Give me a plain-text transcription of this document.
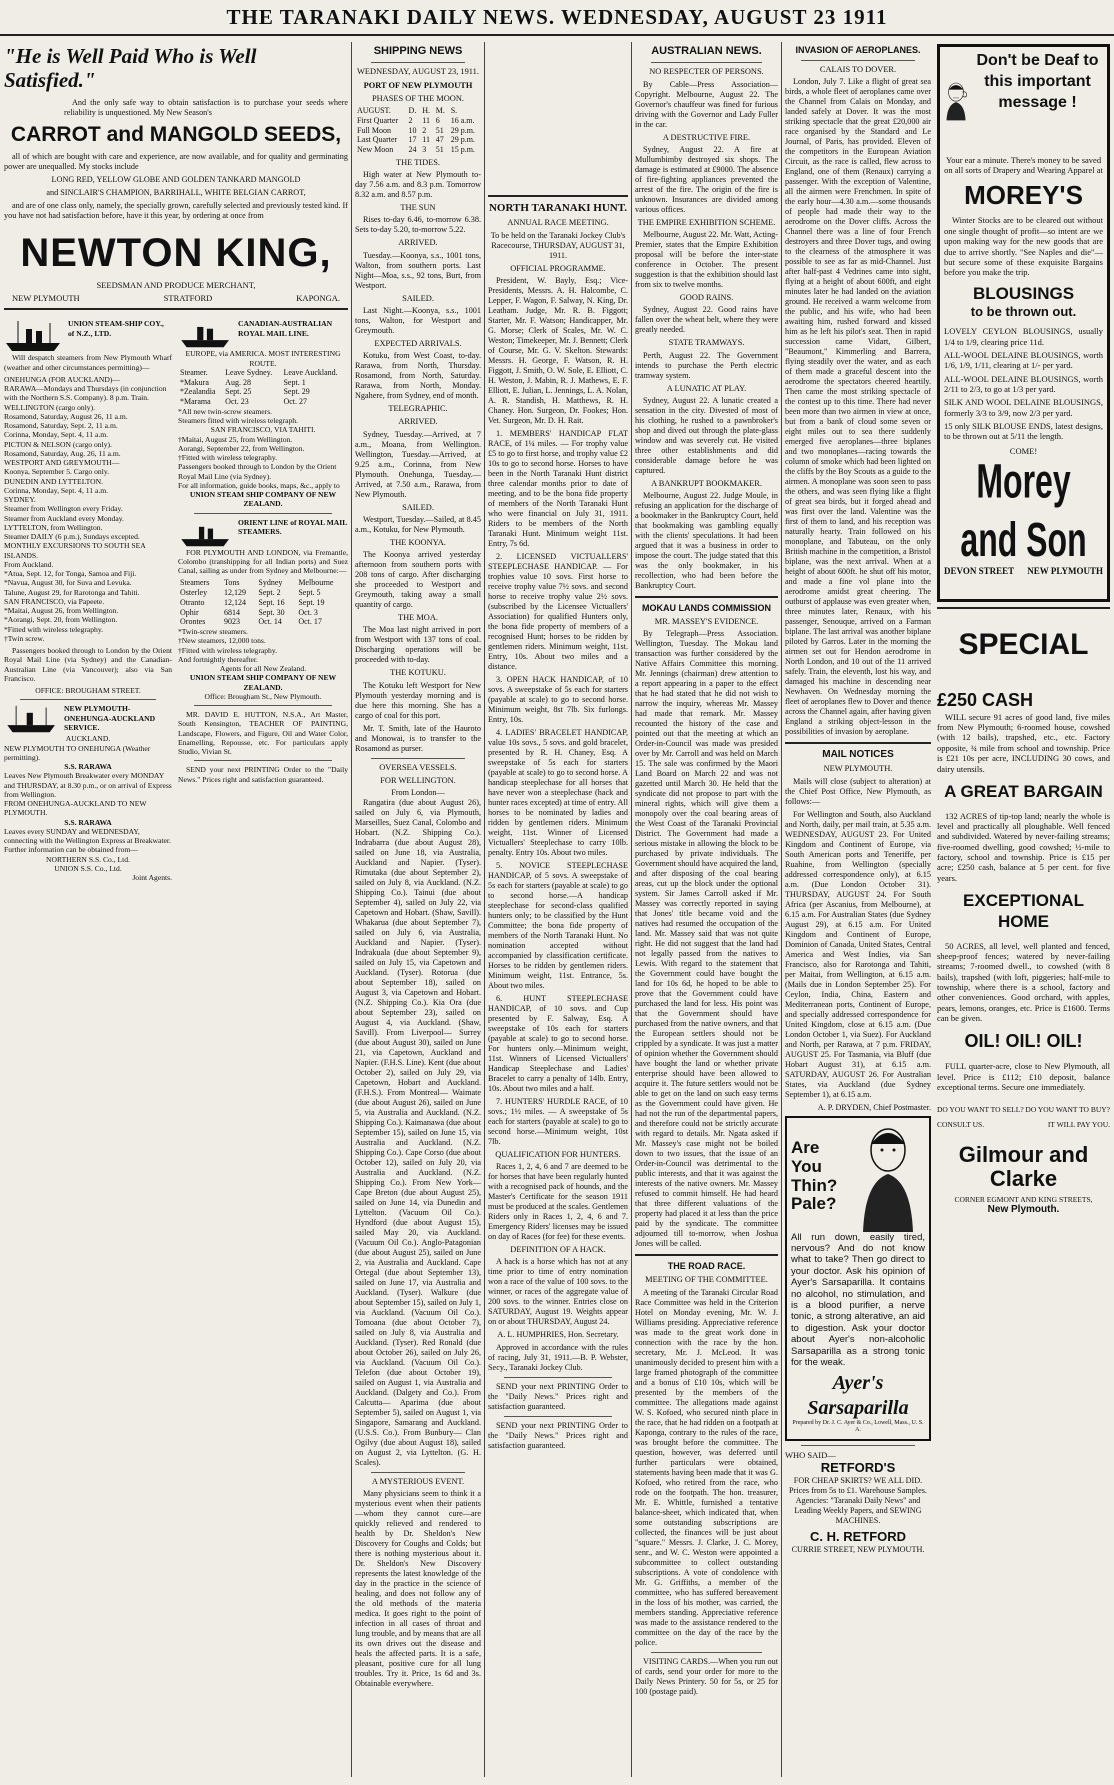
THE TARANAKI DAILY NEWS. WEDNESDAY, AUGUST 23 1911
"He is Well Paid Who is Well Satisfied."

And the only safe way to obtain satisfaction is to purchase your seeds where reliability is unquestioned. My New Season's

CARROT and MANGOLD SEEDS,

all of which are bought with care and experience, are now available, and for quality and germinating power are unequalled. My stocks include

LONG RED, YELLOW GLOBE AND GOLDEN TANKARD MANGOLD

and SINCLAIR'S CHAMPION, BARRIHALL, WHITE BELGIAN CARROT,

and are of one class only, namely, the specially grown, carefully selected and previously tested kind. If you have not had satisfaction before, have it this year, by ordering at once from

NEWTON KING,
SEEDSMAN AND PRODUCE MERCHANT,
NEW PLYMOUTH	STRATFORD	KAPONGA.
UNION STEAM-SHIP COY., of N.Z., LTD.

Will despatch steamers from New Plymouth Wharf (weather and other circumstances permitting)—

ONEHUNGA (FOR AUCKLAND)—
RARAWA—Mondays and Thursdays (in conjunction with the Northern S.S. Company). 8 p.m. Train.
WELLINGTON (cargo only).
Rosamond, Saturday, August 26, 11 a.m.
Rosamond, Saturday, Sept. 2, 11 a.m.
Corinna, Monday, Sept. 4, 11 a.m.
PICTON & NELSON (cargo only).
Rosamond, Saturday, Aug. 26, 11 a.m.
WESTPORT AND GREYMOUTH—
Koonya, September 5. Cargo only.
DUNEDIN AND LYTTELTON.
Corinna, Monday, Sept. 4, 11 a.m.
SYDNEY.
Steamer from Wellington every Friday.
Steamer from Auckland every Monday.
LYTTELTON, from Wellington.
Steamer DAILY (6 p.m.), Sundays excepted.
MONTHLY EXCURSIONS TO SOUTH SEA ISLANDS.
From Auckland.
*Atua, Sept. 12, for Tonga, Samoa and Fiji.
*Navua, August 30, for Suva and Levuka.
Talune, August 29, for Rarotonga and Tahiti.
SAN FRANCISCO, via Papeete.
*Maitai, August 26, from Wellington.
*Aorangi, Sept. 20, from Wellington.
*Fitted with wireless telegraphy.
†Twin screw.

Passengers booked through to London by the Orient Royal Mail Line (via Sydney) and the Canadian-Australian Line (via Vancouver); also via San Francisco.

OFFICE: BROUGHAM STREET.
NEW PLYMOUTH-ONEHUNGA-AUCKLAND SERVICE.
AUCKLAND.
NEW PLYMOUTH TO ONEHUNGA (Weather permitting).
S.S. RARAWA
Leaves New Plymouth Breakwater every MONDAY and THURSDAY, at 8.30 p.m., or on arrival of Express from Wellington.
FROM ONEHUNGA-AUCKLAND TO NEW PLYMOUTH.
S.S. RARAWA
Leaves every SUNDAY and WEDNESDAY, connecting with the Wellington Express at Breakwater.
Further information can be obtained from—
NORTHERN S.S. Co., Ltd.
UNION S.S. Co., Ltd.
Joint Agents.
CANADIAN-AUSTRALIAN ROYAL MAIL LINE.
EUROPE, via AMERICA. MOST INTERESTING ROUTE.
Steamer.	Leave Sydney.	Leave Auckland.
*Makura	Aug. 28	Sept. 1
*Zealandia	Sept. 25	Sept. 29
*Marama	Oct. 23	Oct. 27
*All new twin-screw steamers.
Steamers fitted with wireless telegraph.
SAN FRANCISCO, VIA TAHITI.
†Maitai, August 25, from Wellington.
Aorangi, September 22, from Wellington.
†Fitted with wireless telegraphy.
Passengers booked through to London by the Orient Royal Mail Line (via Sydney).
For all information, guide books, maps, &c., apply to
UNION STEAM SHIP COMPANY OF NEW ZEALAND.
ORIENT LINE of ROYAL MAIL STEAMERS.

FOR PLYMOUTH AND LONDON, via Fremantle, Colombo (transhipping for all Indian ports) and Suez Canal, sailing as under from Sydney and Melbourne:—

Steamers	Tons	Sydney	Melbourne
Osterley	12,129	Sept. 2	Sept. 5
Otranto	12,124	Sept. 16	Sept. 19
Ophir	6814	Sept. 30	Oct. 3
Orontes	9023	Oct. 14	Oct. 17
*Twin-screw steamers.
†New steamers, 12,000 tons.
†Fitted with wireless telegraphy.
And fortnightly thereafter.
Agents for all New Zealand.
UNION STEAM SHIP COMPANY OF NEW ZEALAND.
Office: Brougham St., New Plymouth.

MR. DAVID E. HUTTON, N.S.A., Art Master, South Kensington, TEACHER OF PAINTING, Landscape, Flowers, and Figure, Oil and Water Color, Enamelling, Repousse, etc. For particulars apply Studio, Vivian St.

SEND your next PRINTING Order to the "Daily News." Prices right and satisfaction guaranteed.

SHIPPING NEWS
WEDNESDAY, AUGUST 23, 1911.
PORT OF NEW PLYMOUTH
PHASES OF THE MOON.
AUGUST.	D.	H.	M.	S.
First Quarter	2	11	6	16 a.m.
Full Moon	10	2	51	29 p.m.
Last Quarter	17	11	47	29 p.m.
New Moon	24	3	51	15 p.m.
THE TIDES.

High water at New Plymouth to-day 7.56 a.m. and 8.3 p.m. Tomorrow 8.32 a.m. and 8.57 p.m.

THE SUN

Rises to-day 6.46, to-morrow 6.38. Sets to-day 5.20, to-morrow 5.22.

ARRIVED.

Tuesday.—Koonya, s.s., 1001 tons, Walton, from southern ports. Last Night—Moa, s.s., 92 tons, Burt, from Westport.

SAILED.

Last Night.—Koonya, s.s., 1001 tons, Walton, for Westport and Greymouth.

EXPECTED ARRIVALS.

Kotuku, from West Coast, to-day. Rarawa, from North, Thursday. Rosamond, from North, Saturday. Rarawa, from North, Monday. Ngahere, from Sydney, end of month.

TELEGRAPHIC.
ARRIVED.

Sydney, Tuesday.—Arrived, at 7 a.m., Moana, from Wellington. Wellington, Tuesday.—Arrived, at 9.25 a.m., Corinna, from New Plymouth. Onehunga, Tuesday.—Arrived, at 7.50 a.m., Rarawa, from New Plymouth.

SAILED.

Westport, Tuesday.—Sailed, at 8.45 a.m., Kotuku, for New Plymouth.

THE KOONYA.

The Koonya arrived yesterday afternoon from southern ports with 208 tons of cargo. After discharging she proceeded to Westport and Greymouth, taking away a small quantity of cargo.

THE MOA.

The Moa last night arrived in port from Westport with 137 tons of coal. Discharging operations will be proceeded with to-day.

THE KOTUKU.

The Kotuku left Westport for New Plymouth yesterday morning and is due here this morning. She has a cargo of coal for this port.

Mr. T. Smith, late of the Hauroto and Monowai, is to transfer to the Rosamond as purser.

OVERSEA VESSELS.
FOR WELLINGTON.
From London—

Rangatira (due about August 26), sailed on July 6, via Plymouth, Marseilles, Suez Canal, Colombo and Hobart. (N.Z. Shipping Co.). Indrabarra (due about August 28), sailed on June 18, via Australia, Auckland and Napier. (Tyser). Rimutaka (due about September 2), sailed on July 8, via Auckland. (N.Z. Shipping Co.). Tainui (due about September 4), sailed on July 22, via Capetown and Hobart. (Shaw, Savill). Whakarua (due about September 7), sailed on July 6, via Australia, Auckland and Napier. (Tyser). Indrakuala (due about September 9), sailed on July 15, via Capetown and Auckland. (Tyser). Rotorua (due about September 18), sailed on August 3, via Capetown and Hobart. (N.Z. Shipping Co.). Kia Ora (due about September 23), sailed on August 4, via Auckland. (Shaw, Savill). From Liverpool— Surrey (due about August 30), sailed on June 21, via Capetown, Auckland and Napier. (F.H.S. Line). Kent (due about October 2), sailed on July 29, via Capetown, Hobart and Auckland. (F.H.S.). From Montreal— Waimate (due about August 26), sailed on June 5, via Australia and Auckland. (N.Z. Shipping Co.). Kaimanawa (due about September 15), sailed on June 15, via Australia and Auckland. (N.Z. Shipping Co.). Cape Corso (due about October 12), sailed on July 20, via Australia and Auckland. (N.Z. Shipping Co.). From New York— Cape Breton (due about August 25), sailed on June 14, via Dunedin and Lyttelton. (Vacuum Oil Co.). Hyndford (due about August 15), sailed May 20, via Auckland. (Vacuum Oil Co.). Anglo-Patagonian (due about August 25), sailed on June 2, via Australia and Auckland. Cape Ortegal (due about September 13), sailed on June 17, via Australia and Auckland. (Tyser). Walkure (due about September 15), sailed on July 1, via Auckland. (Vacuum Oil Co.). Tomoana (due about October 7), sailed on July 8, via Australia and Auckland. (Tyser). Red Ronald (due about October 26), sailed on July 26, via Auckland. (Vacuum Oil Co.). Telefon (due about October 19), sailed on August 1, via Australia and Auckland. (Dalgety and Co.). From Calcutta— Aparima (due about September 5), sailed on August 1, via Singapore, Samarang and Auckland. (U.S.S. Co.). From Bunbury— Clan Ogilvy (due about August 18), sailed on August 2, via Lyttelton. (G. H. Scales).

A MYSTERIOUS EVENT.

Many physicians seem to think it a mysterious event when their patients—whom they cannot cure—are quickly relieved and rendered to health by Dr. Sheldon's New Discovery for Coughs and Colds; but there is nothing mysterious about it. Dr. Sheldon's New Discovery represents the latest knowledge of the day in the practice in the science of healing, and does not follow any of the old methods of the materia medica. It goes right to the point of infection in all cases of throat and lung trouble, and by means that are all its own drives out the disease and heals the affected parts. It is a safe, pleasant, positive cure for all lung troubles. Try it. Price, 1s 6d and 3s. Obtainable everywhere.

NORTH TARANAKI HUNT.
ANNUAL RACE MEETING.

To be held on the Taranaki Jockey Club's Racecourse, THURSDAY, AUGUST 31, 1911.

OFFICIAL PROGRAMME.

President, W. Bayly, Esq.; Vice-Presidents, Messrs. A. H. Halcombe, C. Lepper, F. Wagon, F. Salway, N. King, Dr. Leatham. Judge, Mr. R. B. Figgott; Starter, Mr. F. Watson; Handicapper, Mr. G. Morse; Clerk of Scales, Mr. W. C. Weston; Timekeeper, Mr. J. Bennett; Clerk of Course, Mr. G. V. Skelton. Stewards: Messrs. H. George, F. Watson, R. H. Figgott, J. Smith, O. W. Sole, E. Elliott, C. H. Weston, J. Mabin, R. J. Mathews, E. F. Elliott, E. Julian, L. Jennings, L. A. Nolan, A. R. Standish, H. Matthews, R. H. Chaney. Hon. Surgeon, Dr. Fookes; Hon. Vet. Surgeon, Mr. D. H. Rait.

1. MEMBERS' HANDICAP FLAT RACE, of 1¼ miles. — For trophy value £5 to go to first horse, and trophy value £2 10s to go to second horse. Horses to have been in the North Taranaki Hunt district three calendar months prior to date of meeting, and to be the bona fide property of members of the North Taranaki Hunt who were financial on July 31, 1911. Riders to be members of the North Taranaki Hunt. Minimum weight 11st. Entry, 7s 6d.

2. LICENSED VICTUALLERS' STEEPLECHASE HANDICAP. — For trophies value 10 sovs. First horse to receive trophy value 7½ sovs. and second horse to receive trophy value 2½ sovs. (subscribed by the Licensee Victuallers' Association) for qualified Hunters only, the bona fide property of members of a recognised Hunt; horses to be ridden by gentlemen riders. Minimum weight, 11st. Entry, 10s. About two miles and a distance.

3. OPEN HACK HANDICAP, of 10 sovs. A sweepstake of 5s each for starters (payable at scale) to go to second horse. Minimum weight, 8st 7lb. Six furlongs. Entry, 10s.

4. LADIES' BRACELET HANDICAP, value 10s sovs., 5 sovs. and gold bracelet, presented by R. H. Chaney, Esq. A sweepstake of 5s each for starters (payable at scale) to go to second horse. A handicap steeplechase for all horses that have never won a steeplechase (hack and hunter races excepted) at time of entry. All horses to be nominated by ladies and ridden by gentlemen riders. Minimum weight, 11st. Winner of Licensed Victuallers' Steeplechase to carry 10lb. penalty. Entry 10s. About two miles.

5. NOVICE STEEPLECHASE HANDICAP, of 5 sovs. A sweepstake of 5s each for starters (payable at scale) to go to second horse.—A handicap steeplechase for second-class qualified hunters only; to be classified by the Hunt Committee; the bona fide property of members of the North Taranaki Hunt. No nomination accepted without accompanied by classification certificate. Horses to be ridden by gentlemen riders. Minimum weight, 11st. Entrance, 5s. About two miles.

6. HUNT STEEPLECHASE HANDICAP, of 10 sovs. and Cup presented by F. Salway, Esq. A sweepstake of 10s each for starters (payable at scale) to go to second horse. For hunters only.—Minimum weight, 11st. Winners of Licensed Victuallers' Handicap Steeplechase and Ladies' Bracelet to carry a penalty of 14lb. Entry, 10s. About two miles and a half.

7. HUNTERS' HURDLE RACE, of 10 sovs.; 1½ miles. — A sweepstake of 5s each for starters (payable at scale) to go to second horse.—Minimum weight, 10st 7lb.

QUALIFICATION FOR HUNTERS.

Races 1, 2, 4, 6 and 7 are deemed to be for horses that have been regularly hunted with a recognised pack of hounds, and the Master's Certificate for the season 1911 must be produced at the scales. Gentlemen Riders only in Races 1, 2, 4, 6 and 7. Emergency Riders' licenses may be issued on day of Races (for fee) for these events.

DEFINITION OF A HACK.

A hack is a horse which has not at any time prior to time of entry nomination won a race of the value of 100 sovs. to the winner, or races of the aggregate value of 200 sovs. to the winner. Entries close on SATURDAY, August 19. Weights appear on or about THURSDAY, August 24.

A. L. HUMPHRIES, Hon. Secretary.

Approved in accordance with the rules of racing, July 31, 1911.—B. P. Webster, Secy., Taranaki Jockey Club.

SEND your next PRINTING Order to the "Daily News." Prices right and satisfaction guaranteed.

SEND your next PRINTING Order to the "Daily News." Prices right and satisfaction guaranteed.

AUSTRALIAN NEWS.
NO RESPECTER OF PERSONS.

By Cable—Press Association—Copyright. Melbourne, August 22. The Governor's chauffeur was fined for furious driving with the Governor and Lady Fuller in the car.

A DESTRUCTIVE FIRE.

Sydney, August 22. A fire at Mullumbimby destroyed six shops. The damage is estimated at £9000. The absence of fire-fighting appliances prevented the arrest of the fire. The origin of the fire is unknown. Insurances are divided among various offices.

THE EMPIRE EXHIBITION SCHEME.

Melbourne, August 22. Mr. Watt, Acting-Premier, states that the Empire Exhibition proposal will be before the inter-state conference in October. The present suggestion is that the exhibition should last from six to twelve months.

GOOD RAINS.

Sydney, August 22. Good rains have fallen over the wheat belt, where they were greatly needed.

STATE TRAMWAYS.

Perth, August 22. The Government intends to purchase the Perth electric tramway system.

A LUNATIC AT PLAY.

Sydney, August 22. A lunatic created a sensation in the city. Divested of most of his clothing, he rushed to a pawnbroker's shop and dived out through the plate-glass window and was severely cut. He visited three other establishments and did considerable damage before he was captured.

A BANKRUPT BOOKMAKER.

Melbourne, August 22. Judge Moule, in refusing an application for the discharge of a bookmaker in the Bankruptcy Court, held that bookmaking was gambling equally with the clients' speculations. It had been argued that it was a business in order to impose the court. The judge stated that this was the only bookmaker, in his recollection, who had been before the Bankruptcy Court.

MOKAU LANDS COMMISSION
MR. MASSEY'S EVIDENCE.

By Telegraph—Press Association. Wellington, Tuesday. The Mokau land transaction was further considered by the Native Affairs Committee this morning. Mr. Jennings (chairman) drew attention to a report appearing in a paper to the effect that he had stated that he did not wish to narrow the inquiry, whereas Mr. Massey had made that remark. Mr. Massey recounted the history of the case and pointed out that the meeting at which an Order-in-Council was made was presided over by Mr. Carroll and was held on March 15. The sale was confirmed by the Maori Land Board on March 22 and was not gazetted until March 30. He held that the syndicate did not propose to part with the mineral rights, which will give them a monopoly over the coal bearing areas of the West Coast of the Taranaki Provincial District. The Government had made a serious mistake in allowing the block to be purchased by private individuals. The Government should have acquired the land, and after disposing of the coal bearing areas, cut up the block under the optional system. Sir James Carroll asked if Mr. Massey was correctly reported in saying that Jones' title became void and the natives had resumed the occupation of the land. Mr. Massey said that was not quite right. He did not suggest that the land had not legally passed from the natives to Lewis. With regard to the statement that the Government could have bought the land for 10s 6d, he hoped to be able to prove that the Government could have purchased the land for less. His point was that the Government should have purchased from the native owners, and that the European settlers should not be crippled by a syndicate. It was just a matter of opinion whether the Government should have bought the land or whether private enterprise should have been allowed to acquire it. The future settlers would not be able to get on the land on such easy terms as the Government could have given. He had not the run of the departmental papers, and therefore could not be strictly accurate with regard to details. Mr. Ngata asked if Mr. Massey's case might not be boiled down to two issues, that the issue of an Order-in-Council was detrimental to the public interests, and that it was against the interests of the native owners. Mr. Massey refused to commit himself. He had heard that three different valuations of the property had placed it at less than the price paid by the syndicate. The committee adjourned till to-morrow, when Joshua Jones will be called.

THE ROAD RACE.
MEETING OF THE COMMITTEE.

A meeting of the Taranaki Circular Road Race Committee was held in the Criterion Hotel on Monday evening, Mr. W. J. Williams presiding. Appreciative reference was made to the great work done in connection with the race by the hon. secretary, Mr. J. McLeod. It was unanimously decided to present him with a large framed photograph of the committee and a bonus of £10 10s, which will be presented by the members of the committee. The allegations made against W. S. Kofoed, who secured ninth place in the race, that he had ridden on a footpath at Kaponga, contrary to the rules of the race, was brought before the committee. The question, however, was deferred until further particulars were obtained, statements having been made that it was G. Kofoed, who retired from the race, who rode on the footpath. The hon. treasurer, Mr. E. Whittle, furnished a tentative balance-sheet, which indicated that, when some outstanding subscriptions are collected, the finances will be just about "square." Messrs. J. Clarke, J. C. Morey, senr., and W. C. Weston were appointed a subcommittee to collect outstanding subscriptions. A vote of condolence with Mr. G. Griffiths, a member of the committee, who has suffered bereavement in the loss of his mother, was carried, the members standing. Appreciative reference was made to the assistance rendered to the committee on the day of the race by the police.

VISITING CARDS.—When you run out of cards, send your order for more to the Daily News Printery. 50 for 5s, or 25 for 100 (postage paid).

INVASION OF AEROPLANES.
CALAIS TO DOVER.

London, July 7. Like a flight of great sea birds, a whole fleet of aeroplanes came over the Channel from Calais on Monday, and landed safely at Dover. It was the most striking spectacle that the great £20,000 air race organised by the Standard and Le Journal, of Paris, has provided. Eleven of the competitors in the European Aviation Circuit, as the race is called, flew across to England, one of them (Renaux) carrying a passenger. With the exception of Valentine, all the airmen were Frenchmen. In spite of the early hour—4.30 a.m.—some thousands of people had made their way to the aerodrome on the Dover cliffs. Across the Channel there was a line of four French destroyers and three Dover tugs, and owing to the clearness of the atmosphere it was possible to see as far as mid-Channel. Just after half-past 4 Vedrines came into sight, flying at a height of about 600ft, and eight minutes later he had landed on the aviation ground. He received a warm welcome from the public, and his wife, who had been awaiting him, rushed forward and kissed him as he left his pilot's seat. Then in rapid succession came Vidart, Gilbert, "Beaumont," Kimmerling and Barrera, flying steadily over the water, and as each of them made a graceful descent into the aerodrome the spectators cheered heartily. Then came the most striking spectacle of the contest up to this time. There had never been more than two airmen in view at once, but from a bank of cloud some seven or eight miles out to sea there suddenly emerged five aeroplanes—three biplanes and two monoplanes—racing towards the column of smoke which had been lighted on the cliffs by the Boy Scouts as a guide to the airmen. A monoplane was soon seen to pass the others, and was seen flying like a flight of great sea birds, but it forged ahead and was first over the land. Valentine was the first of them to land, and his reception was naturally hearty. Train followed on his monoplane, and Tabuteau, on the only British machine in the competition, a Bristol biplane, was the next arrival. When at a height of about 600ft. he shut off his motor, and made a fine vol plane into the aerodrome amidst great cheering. The outburst of applause was even greater when, three minutes later, Renaux, with his passenger, Senouque, arrived on a Farman biplane. The last arrival was another biplane piloted by Garros. Later in the morning the airmen set out for Hendon aerodrome in North London, and 10 out of the 11 arrived safely. Train, the eleventh, lost his way, and damaged his machine in descending near Newhaven. On Wednesday morning the fleet of aeroplanes flew to Dover and thence across the Channel again, after having given England a striking object-lesson in the possibilities of invasion by aeroplane.

MAIL NOTICES
NEW PLYMOUTH.

Mails will close (subject to alteration) at the Chief Post Office, New Plymouth, as follows:—

For Wellington and South, also Auckland and North, daily, per mail train, at 5.35 a.m. WEDNESDAY, AUGUST 23. For United Kingdom and Continent of Europe, via South American ports and Teneriffe, per Ruahine, from Wellington (specially addressed correspondence only), at 6.15 a.m. (Due London October 31). THURSDAY, AUGUST 24. For South Africa (per Ascanius, from Melbourne), at 6.15 a.m. For Australian States (due Sydney August 29), at 6.15 a.m. For United Kingdom and Continent of Europe, Dominion of Canada, United States, Central America and West Indies, via San Francisco, also for Rarotonga and Tahiti, per Maitai, from Wellington, at 6.15 a.m. (Mails due in London September 25). For Ceylon, India, China, Eastern and Mediterranean ports, Continent of Europe, and specially addressed correspondence for United Kingdom, close at 6.15 a.m. (Due London October 1, via Suez). For Auckland and North, per Rarawa, at 7 p.m. FRIDAY, AUGUST 25. For Tasmania, via Bluff (due Hobart August 31), at 6.15 a.m. SATURDAY, AUGUST 26. For Australian States, via Auckland (due Sydney September 1), at 6.15 a.m.

A. P. DRYDEN, Chief Postmaster.

Are You Thin? Pale?

All run down, easily tired, nervous? And do not know what to take? Then go direct to your doctor. Ask his opinion of Ayer's Sarsaparilla. It contains no alcohol, no stimulation, and is a blood purifier, a nerve tonic, a strong alterative, an aid to digestion. Ask your doctor about Ayer's non-alcoholic Sarsaparilla as a strong tonic for the weak.

Ayer's Sarsaparilla
Prepared by Dr. J. C. Ayer & Co., Lowell, Mass., U. S. A.
WHO SAID—
RETFORD'S

FOR CHEAP SKIRTS? WE ALL DID. Prices from 5s to £1. Warehouse Samples. Agencies: "Taranaki Daily News" and Leading Weekly Papers, and SEWING MACHINES.

C. H. RETFORD
CURRIE STREET, NEW PLYMOUTH.
Don't be Deaf to this important message !

Your ear a minute. There's money to be saved on all sorts of Drapery and Wearing Apparel at

MOREY'S

Winter Stocks are to be cleared out without one single thought of profit—so intent are we upon making way for the new goods that are due to arrive shortly. "See Naples and die"—but secure some of these exquisite Bargains before you make the trip.

BLOUSINGS
to be thrown out.

LOVELY CEYLON BLOUSINGS, usually 1/4 to 1/9, clearing price 11d.

ALL-WOOL DELAINE BLOUSINGS, worth 1/6, 1/9, 1/11, clearing at 1/- per yard.

ALL-WOOL DELAINE BLOUSINGS, worth 2/11 to 2/3, to go at 1/3 per yard.

SILK AND WOOL DELAINE BLOUSINGS, formerly 3/3 to 3/9, now 2/3 per yard.

15 only SILK BLOUSE ENDS, latest designs, to be thrown out at 5/11 the length.

COME!
Morey and Son
DEVON STREET NEW PLYMOUTH
SPECIAL
£250 CASH

WILL secure 91 acres of good land, five miles from New Plymouth; 6-roomed house, cowshed (with 12 bails), trapshed, etc., etc. Factory opposite, ¾ mile from school and township. Price is £21 10s per acre, INCLUDING 30 cows, and dairy utensils.

A GREAT BARGAIN

132 ACRES of tip-top land; nearly the whole is level and practically all ploughable. Well fenced and subdivided. Watered by never-failing streams; five-roomed dwelling, good cowshed; ½-mile to factory, school and township. Price is £15 per acre; £250 cash, balance at 5 per cent. for five years.

EXCEPTIONAL HOME

50 ACRES, all level, well planted and fenced, sheep-proof fences; watered by never-failing streams; 7-roomed dwell., to cowshed (with 8 bails), trapshed (with loft, piggeries; half-mile to township, where there is a school, factory and other conveniences. Good orchard, with apples, pears, lemons, oranges, etc. Price is £1600. Terms can be given.

OIL! OIL! OIL!

FULL quarter-acre, close to New Plymouth, all level. Price is £112; £10 deposit, balance exceptional terms. Secure one immediately.

DO YOU WANT TO SELL? DO YOU WANT TO BUY?
CONSULT US.	IT WILL PAY YOU.
Gilmour and Clarke
CORNER EGMONT AND KING STREETS,
New Plymouth.
